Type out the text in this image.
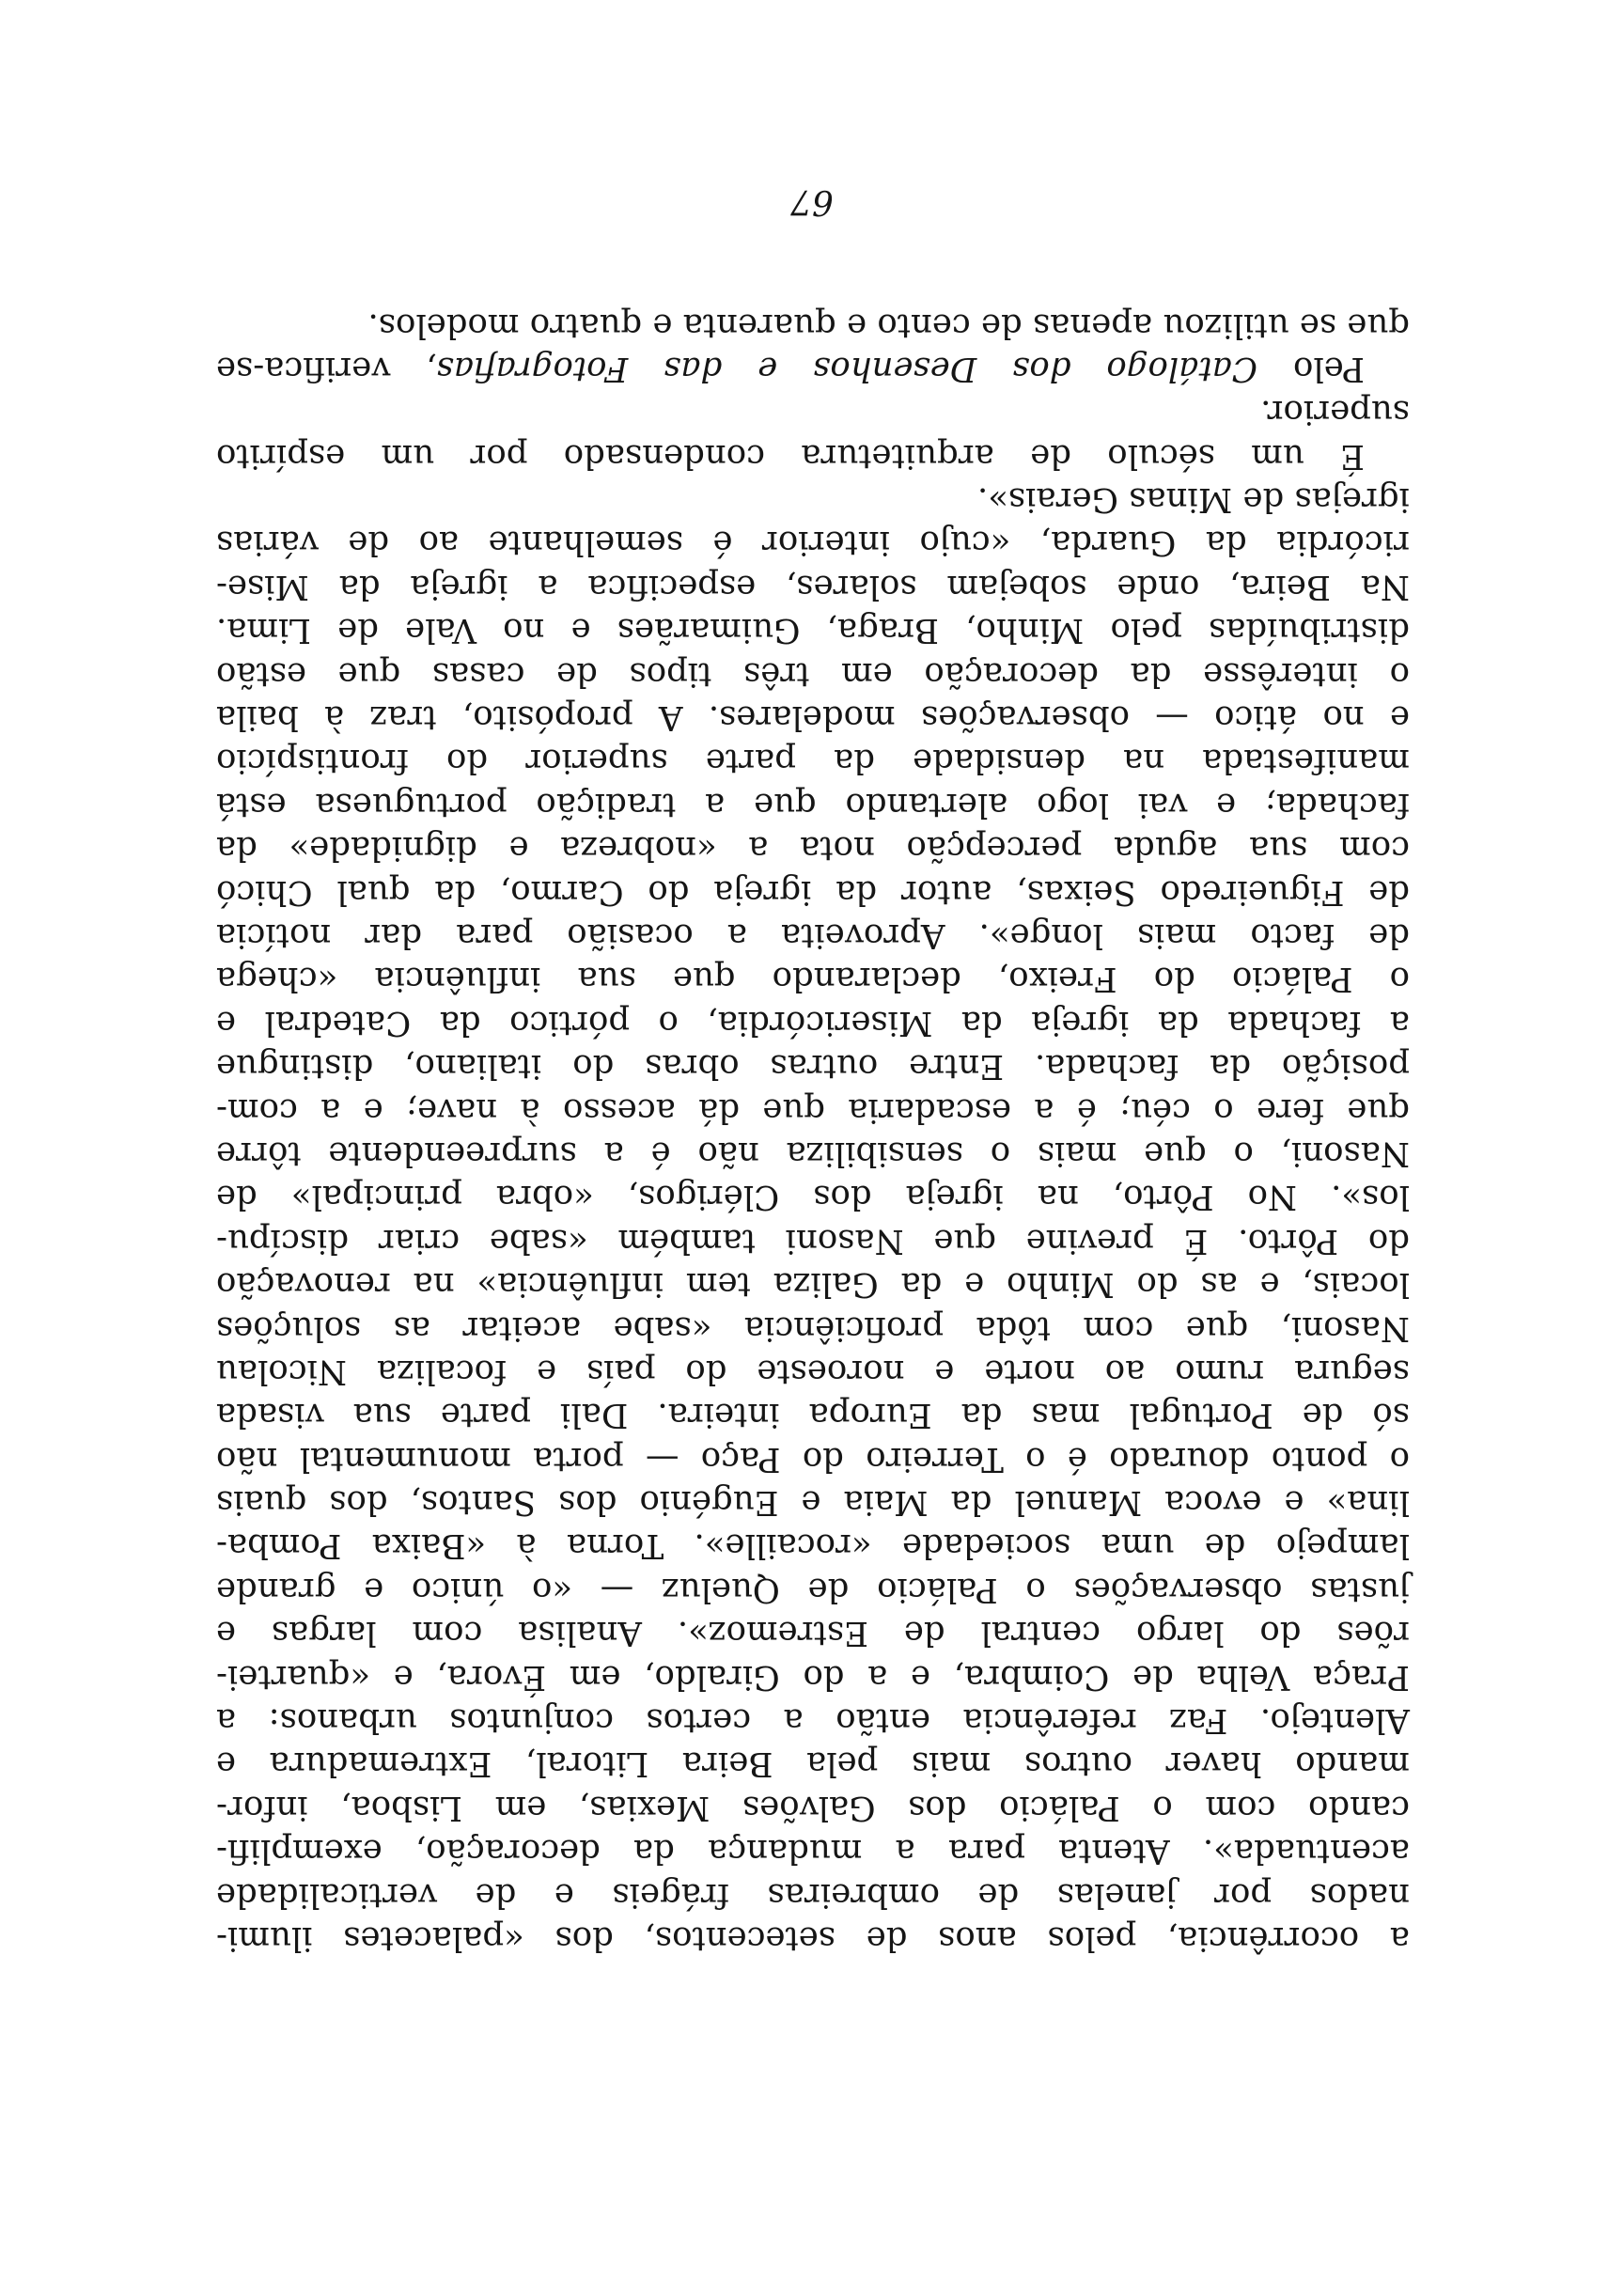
a ocorrência, pelos anos de setecentos, dos «palacetes ilumi-
nados por janelas de ombreiras frágeis e de verticalidade
acentuada». Atenta para a mudança da decoração, exemplifi-
cando com o Palácio dos Galvões Mexias, em Lisboa, infor-
mando haver outros mais pela Beira Litoral, Extremadura e
Alentejo. Faz referência então a certos conjuntos urbanos: a
Praça Velha de Coimbra, e a do Giraldo, em Évora, e «quartei-
rões do largo central de Estremoz». Analisa com largas e
justas observações o Palácio de Queluz — «o único e grande
lampejo de uma sociedade «rocaille». Torna à «Baixa Pomba-
lina» e evoca Manuel da Maia e Eugénio dos Santos, dos quais
o ponto dourado é o Terreiro do Paço — porta monumental não
só de Portugal mas da Europa inteira. Dali parte sua visada
segura rumo ao norte e noroeste do país e focaliza Nicolau
Nasoni, que com tôda proficiência «sabe aceitar as soluções
locais, e as do Minho e da Galiza tem influência» na renovação
do Pôrto. É previne que Nasoni também «sabe criar discípu-
los». No Pôrto, na igreja dos Clérigos, «obra principal» de
Nasoni, o que mais o sensibiliza não é a surpreendente tôrre
que fere o céu; é a escadaria que dá acesso à nave; e a com-
posição da fachada. Entre outras obras do italiano, distingue
a fachada da igreja da Misericórdia, o pórtico da Catedral e
o Palácio do Freixo, declarando que sua influência «chega
de facto mais longe». Aproveita a ocasião para dar notícia
de Figueiredo Seixas, autor da igreja do Carmo, da qual Chicó
com sua aguda percepção nota a «nobreza e dignidade» da
fachada; e vai logo alertando que a tradição portuguesa está
manifestada na densidade da parte superior do frontispício
e no ático — observações modelares. A propósito, traz à baila
o interêsse da decoração em três tipos de casas que estão
distribuídas pelo Minho, Braga, Guimarães e no Vale de Lima.
Na Beira, onde sobejam solares, especifica a igreja da Mise-
ricórdia da Guarda, «cujo interior é semelhante ao de várias
igrejas de Minas Gerais».
É um século de arquitetura condensado por um espírito
superior.
Pelo Catálogo dos Desenhos e das Fotografias, verifica-se
que se utilizou apenas de cento e quarenta e quatro modelos.
67
